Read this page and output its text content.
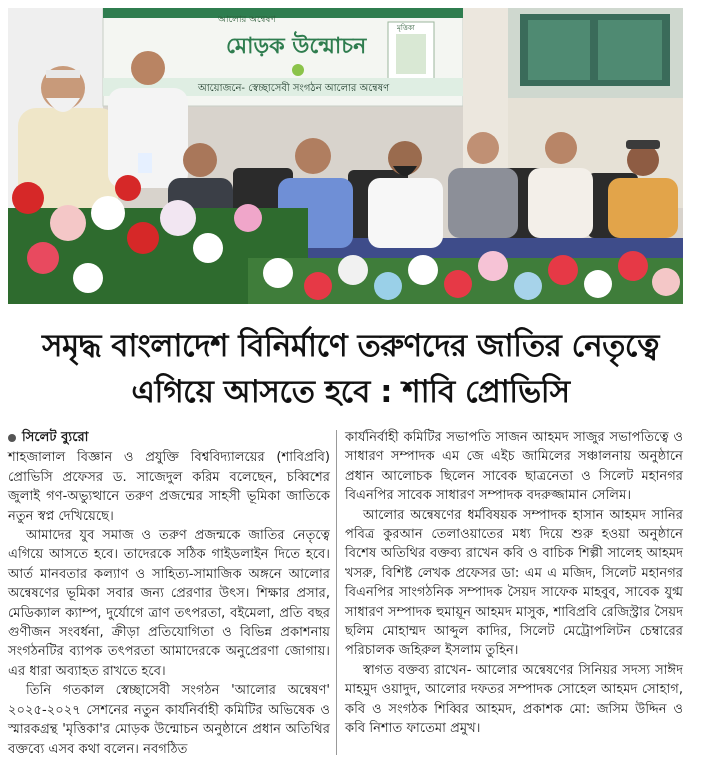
আলোর অন্বেষণ
মোড়ক উন্মোচন
মৃত্তিকা
আয়োজনে- স্বেচ্ছাসেবী সংগঠন আলোর অন্বেষণ
সমৃদ্ধ বাংলাদেশ বিনির্মাণে তরুণদের জাতির নেতৃত্বে
এগিয়ে আসতে হবে : শাবি প্রোভিসি
সিলেট ব্যুরো

শাহজালাল বিজ্ঞান ও প্রযুক্তি বিশ্ববিদ্যালয়ের (শাবিপ্রবি) প্রোভিসি প্রফেসর ড. সাজেদুল করিম বলেছেন, চব্বিশের জুলাই গণ-অভ্যুত্থানে তরুণ প্রজন্মের সাহসী ভূমিকা জাতিকে নতুন স্বপ্ন দেখিয়েছে।

আমাদের যুব সমাজ ও তরুণ প্রজন্মকে জাতির নেতৃত্বে এগিয়ে আসতে হবে। তাদেরকে সঠিক গাইডলাইন দিতে হবে। আর্ত মানবতার কল্যাণ ও সাহিত্য-সামাজিক অঙ্গনে আলোর অন্বেষণের ভূমিকা সবার জন্য প্রেরণার উৎস। শিক্ষার প্রসার, মেডিক্যাল ক্যাম্প, দুর্যোগে ত্রাণ তৎপরতা, বইমেলা, প্রতি বছর গুণীজন সংবর্ধনা, ক্রীড়া প্রতিযোগিতা ও বিভিন্ন প্রকাশনায় সংগঠনটির ব্যাপক তৎপরতা আমাদেরকে অনুপ্রেরণা জোগায়। এর ধারা অব্যাহত রাখতে হবে।

তিনি গতকাল স্বেচ্ছাসেবী সংগঠন 'আলোর অন্বেষণ' ২০২৫-২০২৭ সেশনের নতুন কার্যনির্বাহী কমিটির অভিষেক ও স্মারকগ্রন্থ 'মৃত্তিকা'র মোড়ক উন্মোচন অনুষ্ঠানে প্রধান অতিথির বক্তব্যে এসব কথা বলেন। নবগঠিত

কার্যনির্বাহী কমিটির সভাপতি সাজন আহমদ সাজুর সভাপতিত্বে ও সাধারণ সম্পাদক এম জে এইচ জামিলের সঞ্চালনায় অনুষ্ঠানে প্রধান আলোচক ছিলেন সাবেক ছাত্রনেতা ও সিলেট মহানগর বিএনপির সাবেক সাধারণ সম্পাদক বদরুজ্জামান সেলিম।

আলোর অন্বেষণের ধর্মবিষয়ক সম্পাদক হাসান আহমদ সানির পবিত্র কুরআন তেলাওয়াতের মধ্য দিয়ে শুরু হওয়া অনুষ্ঠানে বিশেষ অতিথির বক্তব্য রাখেন কবি ও বাচিক শিল্পী সালেহ আহমদ খসরু, বিশিষ্ট লেখক প্রফেসর ডা: এম এ মজিদ, সিলেট মহানগর বিএনপির সাংগঠনিক সম্পাদক সৈয়দ সাফেক মাহবুব, সাবেক যুগ্ম সাধারণ সম্পাদক হুমায়ূন আহমদ মাসুক, শাবিপ্রবি রেজিস্ট্রার সৈয়দ ছলিম মোহাম্মদ আব্দুল কাদির, সিলেট মেট্রোপলিটন চেম্বারের পরিচালক জহিরুল ইসলাম তুহিন।

স্বাগত বক্তব্য রাখেন- আলোর অন্বেষণের সিনিয়র সদস্য সাঈদ মাহমুদ ওয়াদুদ, আলোর দফতর সম্পাদক সোহেল আহমদ সোহাগ, কবি ও সংগঠক শিব্বির আহমদ, প্রকাশক মো: জসিম উদ্দিন ও কবি নিশাত ফাতেমা প্রমুখ।
